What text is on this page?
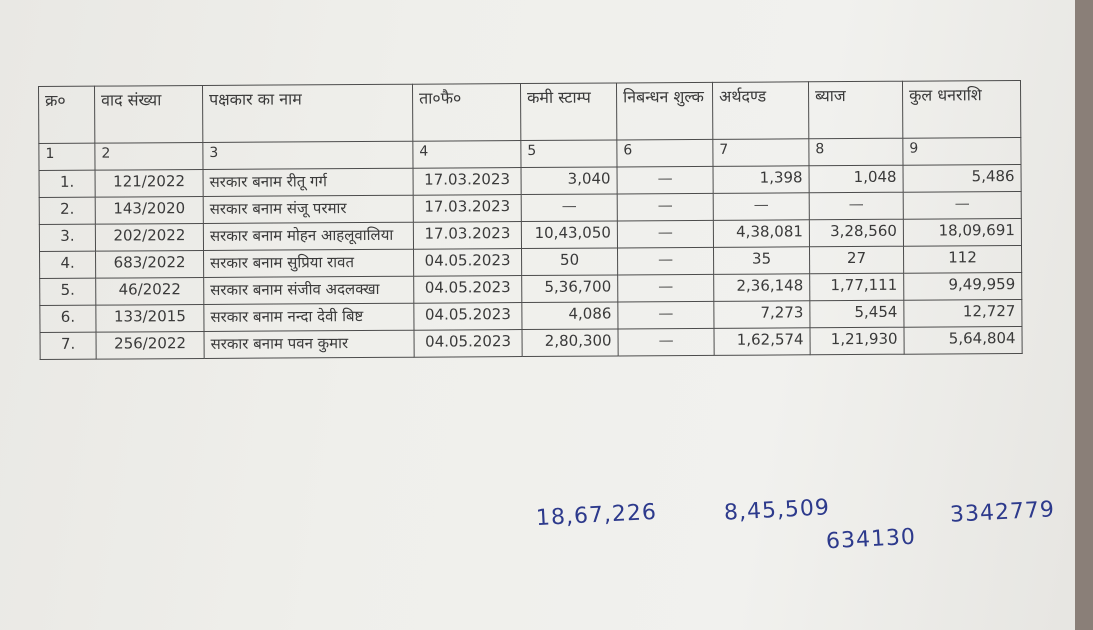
क्र०	वाद संख्या	पक्षकार का नाम	ता०फै०	कमी स्टाम्प	निबन्धन शुल्क	अर्थदण्ड	ब्याज	कुल धनराशि
1	2	3	4	5	6	7	8	9
1.	121/2022	सरकार बनाम रीतू गर्ग	17.03.2023	3,040	—	1,398	1,048	5,486
2.	143/2020	सरकार बनाम संजू परमार	17.03.2023	—	—	—	—	—
3.	202/2022	सरकार बनाम मोहन आहलूवालिया	17.03.2023	10,43,050	—	4,38,081	3,28,560	18,09,691
4.	683/2022	सरकार बनाम सुप्रिया रावत	04.05.2023	50	—	35	27	112
5.	46/2022	सरकार बनाम संजीव अदलक्खा	04.05.2023	5,36,700	—	2,36,148	1,77,111	9,49,959
6.	133/2015	सरकार बनाम नन्दा देवी बिष्ट	04.05.2023	4,086	—	7,273	5,454	12,727
7.	256/2022	सरकार बनाम पवन कुमार	04.05.2023	2,80,300	—	1,62,574	1,21,930	5,64,804
18,67,226	8,45,509
634130
3342779
